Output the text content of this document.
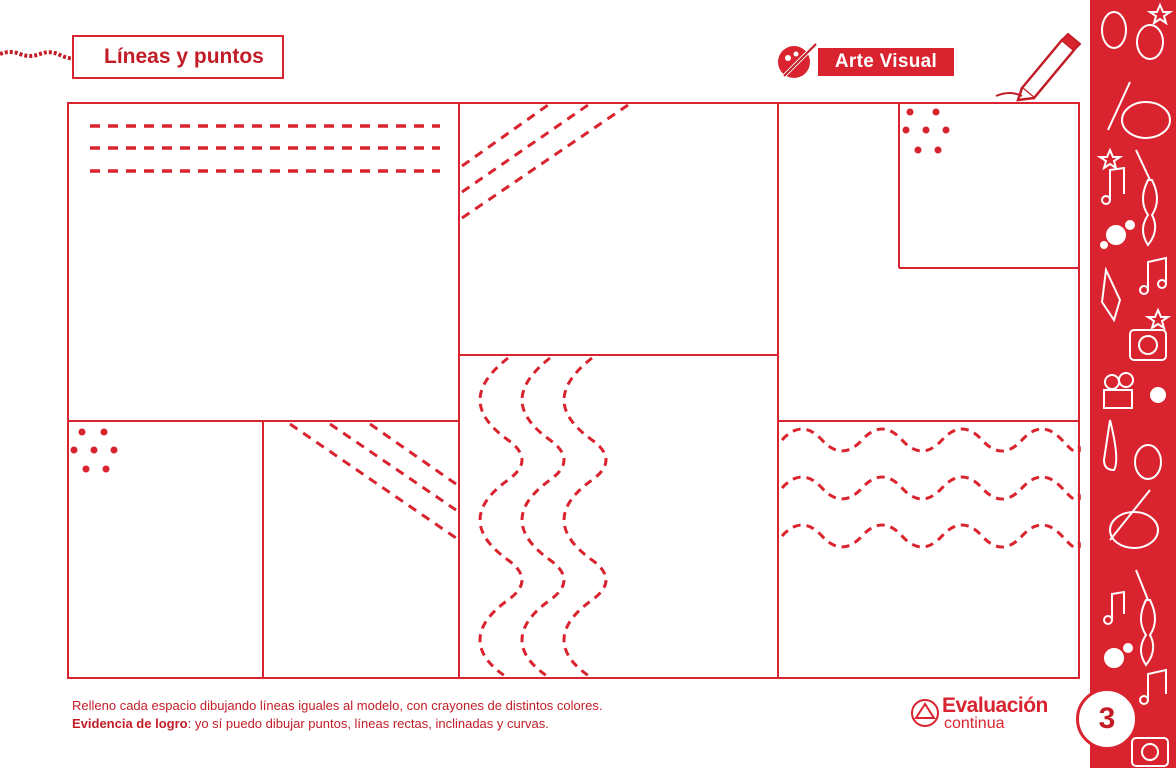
Líneas y puntos	Arte Visual
Relleno cada espacio dibujando líneas iguales al modelo, con crayones de distintos colores.
Evidencia de logro: yo sí puedo dibujar puntos, líneas rectas, inclinadas y curvas.
Evaluación
continua	3
